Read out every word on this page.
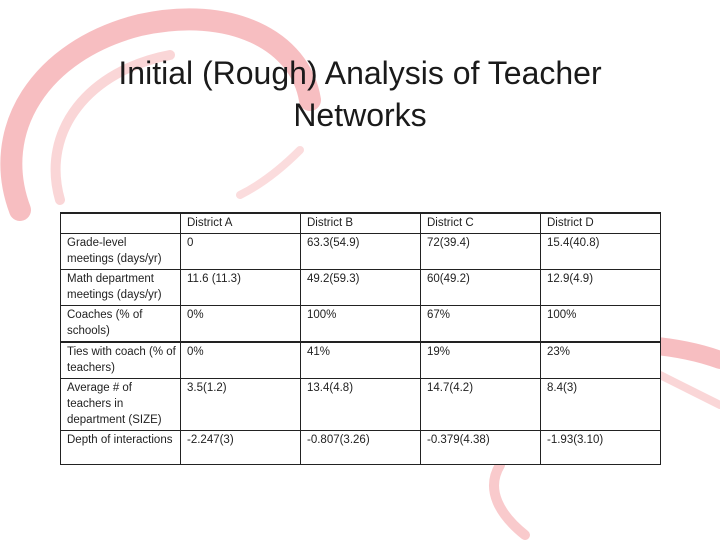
Initial (Rough) Analysis of Teacher
Networks
	District A	District B	District C	District D
Grade-level meetings (days/yr)	0	63.3(54.9)	72(39.4)	15.4(40.8)
Math department meetings (days/yr)	11.6 (11.3)	49.2(59.3)	60(49.2)	12.9(4.9)
Coaches (% of schools)	0%	100%	67%	100%
Ties with coach (% of teachers)	0%	41%	19%	23%
Average # of teachers in department (SIZE)	3.5(1.2)	13.4(4.8)	14.7(4.2)	8.4(3)
Depth of interactions	-2.247(3)	-0.807(3.26)	-0.379(4.38)	-1.93(3.10)
